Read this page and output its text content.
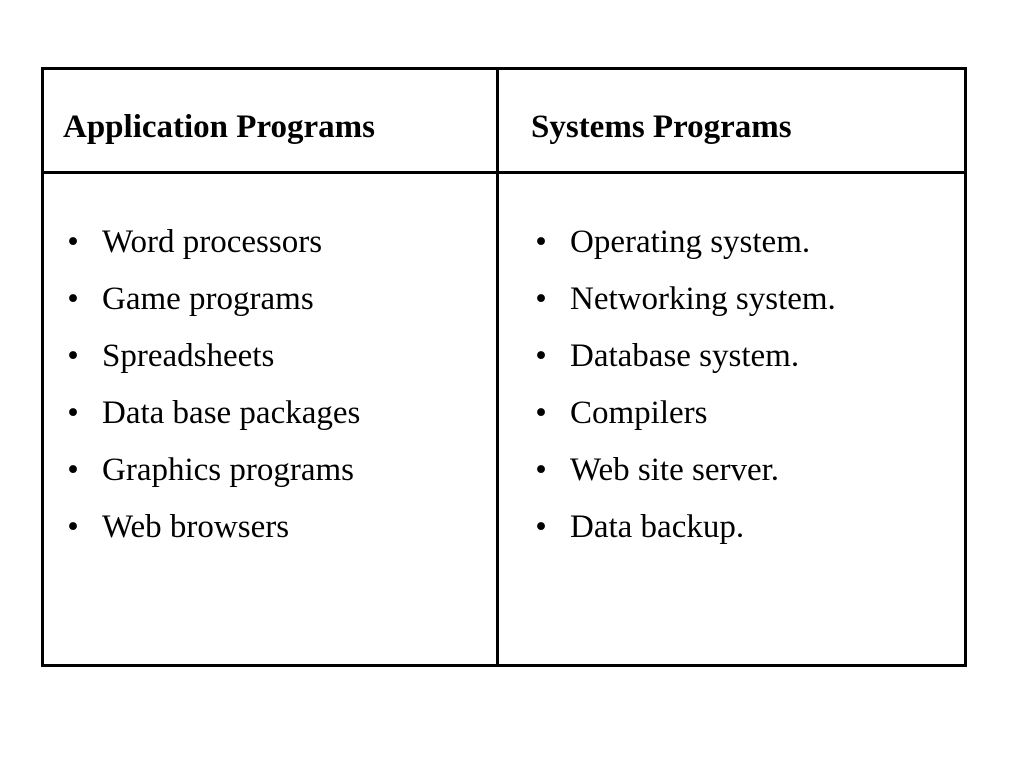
Application Programs	Systems Programs
• Word processors
• Game programs
• Spreadsheets
• Data base packages
• Graphics programs
• Web browsers
• Operating system.
• Networking system.
• Database system.
• Compilers
• Web site server.
• Data backup.
